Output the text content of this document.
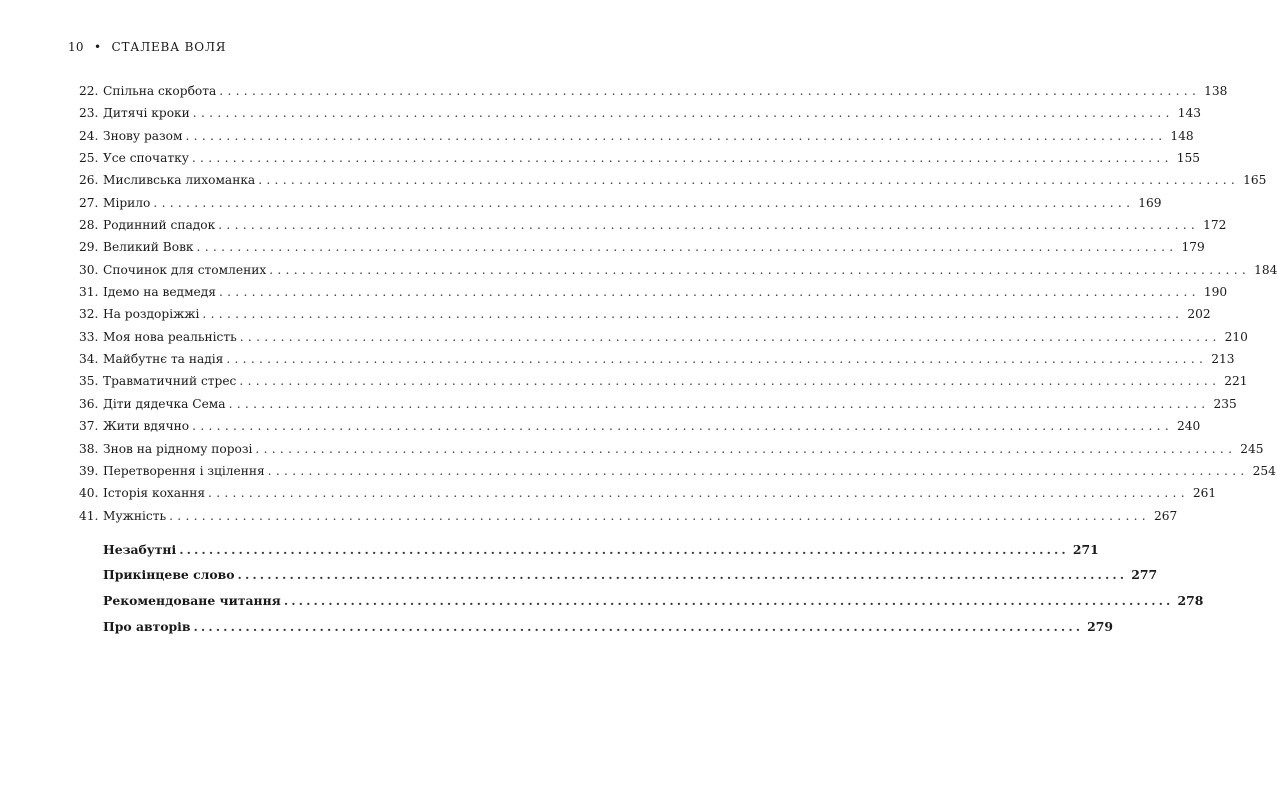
10 • СТАЛЕВА ВОЛЯ
22. Спільна скорбота ........................................................................................................................ 138
23. Дитячі кроки ........................................................................................................................ 143
24. Знову разом ........................................................................................................................ 148
25. Усе спочатку ........................................................................................................................ 155
26. Мисливська лихоманка ........................................................................................................................ 165
27. Мірило ........................................................................................................................ 169
28. Родинний спадок ........................................................................................................................ 172
29. Великий Вовк ........................................................................................................................ 179
30. Спочинок для стомлених ........................................................................................................................ 184
31. Ідемо на ведмедя ........................................................................................................................ 190
32. На роздоріжжі ........................................................................................................................ 202
33. Моя нова реальність ........................................................................................................................ 210
34. Майбутнє та надія ........................................................................................................................ 213
35. Травматичний стрес ........................................................................................................................ 221
36. Діти дядечка Сема ........................................................................................................................ 235
37. Жити вдячно ........................................................................................................................ 240
38. Знов на рідному порозі ........................................................................................................................ 245
39. Перетворення і зцілення ........................................................................................................................ 254
40. Історія кохання ........................................................................................................................ 261
41. Мужність ........................................................................................................................ 267
Незабутні ........................................................................................................................ 271
Прикінцеве слово ........................................................................................................................ 277
Рекомендоване читання ........................................................................................................................ 278
Про авторів ........................................................................................................................ 279
